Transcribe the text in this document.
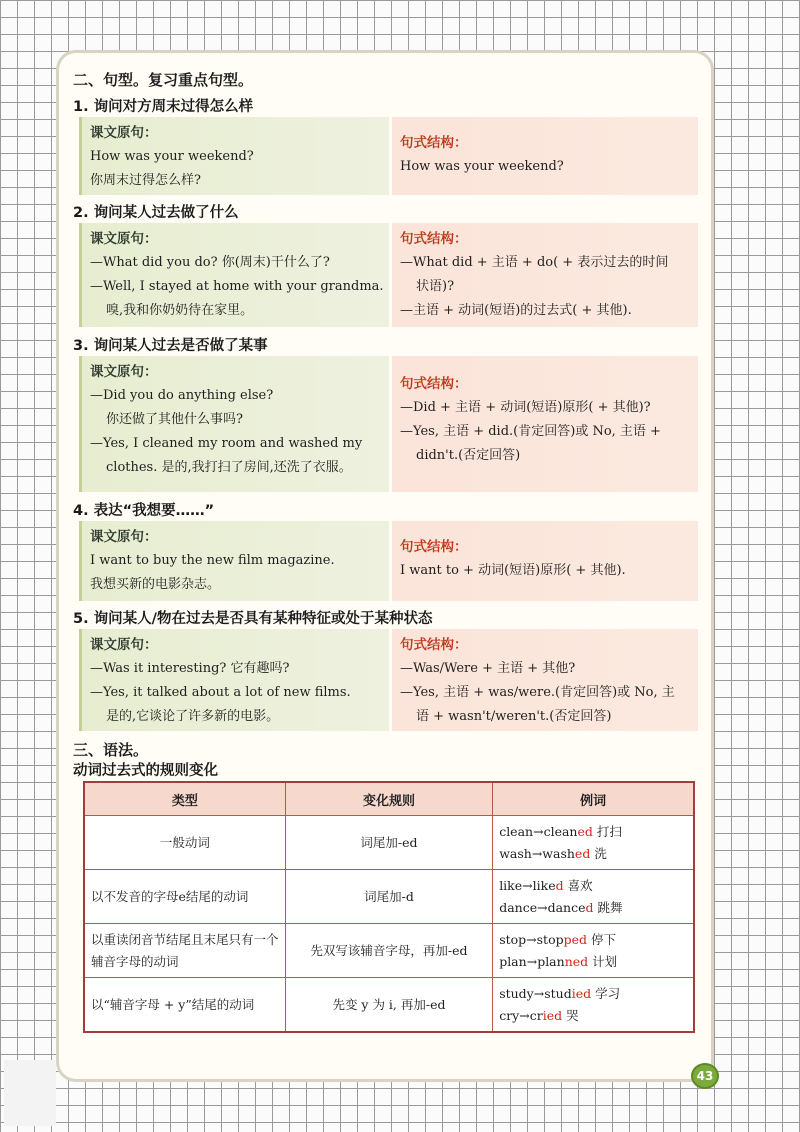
二、句型。复习重点句型。
1. 询问对方周末过得怎么样
课文原句：
How was your weekend?
你周末过得怎么样?
句式结构：
How was your weekend?
2. 询问某人过去做了什么
课文原句：
—What did you do? 你(周末)干什么了?
—Well, I stayed at home with your grandma.
嗅,我和你奶奶待在家里。
句式结构：
—What did + 主语 + do( + 表示过去的时间
状语)?
—主语 + 动词(短语)的过去式( + 其他).
3. 询问某人过去是否做了某事
课文原句：
—Did you do anything else?
你还做了其他什么事吗?
—Yes, I cleaned my room and washed my
clothes. 是的,我打扫了房间,还洗了衣服。
句式结构：
—Did + 主语 + 动词(短语)原形( + 其他)?
—Yes, 主语 + did.(肯定回答)或 No, 主语 +
didn't.(否定回答)
4. 表达“我想要……”
课文原句：
I want to buy the new film magazine.
我想买新的电影杂志。
句式结构：
I want to + 动词(短语)原形( + 其他).
5. 询问某人/物在过去是否具有某种特征或处于某种状态
课文原句：
—Was it interesting? 它有趣吗?
—Yes, it talked about a lot of new films.
是的,它谈论了许多新的电影。
句式结构：
—Was/Were + 主语 + 其他?
—Yes, 主语 + was/were.(肯定回答)或 No, 主
语 + wasn't/weren't.(否定回答)
三、语法。
动词过去式的规则变化
类型	变化规则	例词
一般动词	词尾加-ed	clean→cleaned 打扫
wash→washed 洗

以不发音的字母e结尾的动词	词尾加-d	like→liked 喜欢
dance→danced 跳舞

以重读闭音节结尾且末尾只有一个辅音字母的动词	先双写该辅音字母，再加-ed	stop→stopped 停下
plan→planned 计划

以“辅音字母 + y”结尾的动词	先变 y 为 i, 再加-ed	study→studied 学习
cry→cried 哭
43
